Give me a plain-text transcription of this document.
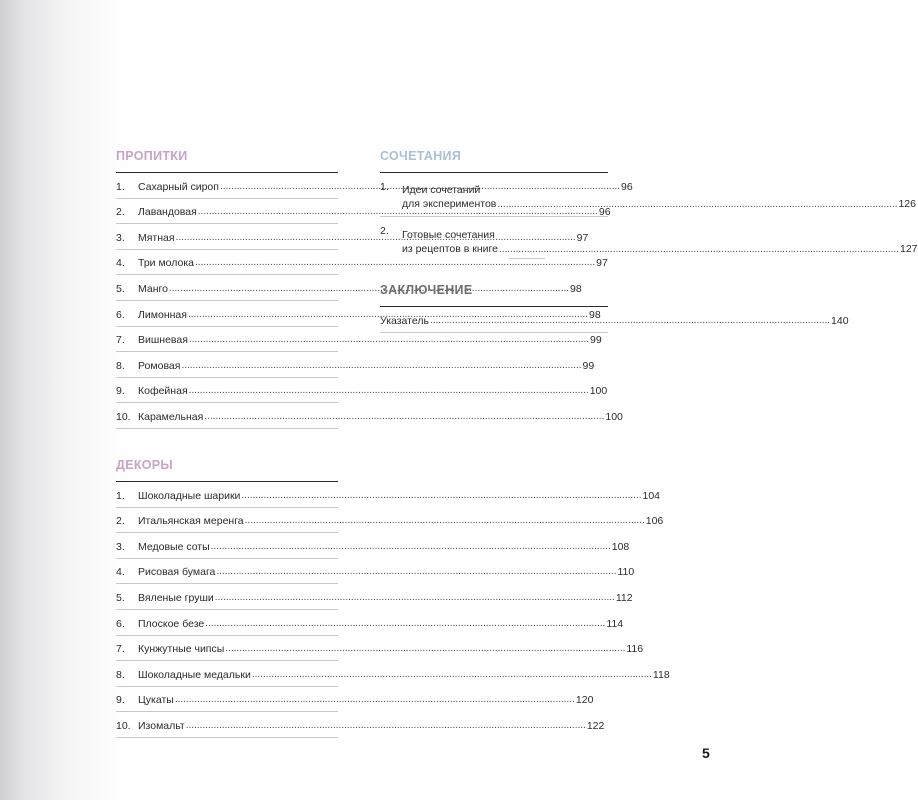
ПРОПИТКИ
1.	Сахарный сироп .....	96
2.	Лавандовая .....	96
3.	Мятная .....	97
4.	Три молока .....	97
5.	Манго .....	98
6.	Лимонная .....	98
7.	Вишневая .....	99
8.	Ромовая .....	99
9.	Кофейная .....	100
10. Карамельная .....	100
ДЕКОРЫ
1.	Шоколадные шарики .....	104
2.	Итальянская меренга .....	106
3.	Медовые соты .....	108
4.	Рисовая бумага .....	110
5.	Вяленые груши .....	112
6.	Плоское безе .....	114
7.	Кунжутные чипсы .....	116
8.	Шоколадные медальки .....	118
9.	Цукаты .....	120
10. Изомальт .....	122
СОЧЕТАНИЯ
1.	Идеи сочетаний
для экспериментов .....	126
2.	Готовые сочетания
из рецептов в книге .....	127
ЗАКЛЮЧЕНИЕ
Указатель .....	140
5
